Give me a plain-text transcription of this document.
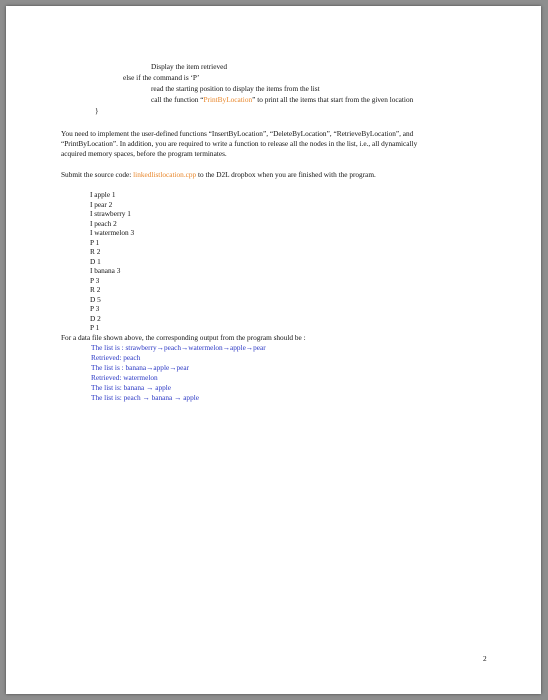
Display the item retrieved
else if the command is ‘P’
read the starting position to display the items from the list
call the function “PrintByLocation” to print all the items that start from the given location
}
You need to implement the user-defined functions “InsertByLocation”, “DeleteByLocation”, “RetrieveByLocation”, and
“PrintByLocation”. In addition, you are required to write a function to release all the nodes in the list, i.e., all dynamically
acquired memory spaces, before the program terminates.
Submit the source code: linkedlistlocation.cpp to the D2L dropbox when you are finished with the program.
I apple 1
I pear 2
I strawberry 1
I peach 2
I watermelon 3
P 1
R 2
D 1
I banana 3
P 3
R 2
D 5
P 3
D 2
P 1
For a data file shown above, the corresponding output from the program should be :
The list is : strawberry→peach→watermelon→apple→pear
Retrieved: peach
The list is : banana→apple→pear
Retrieved: watermelon
The list is: banana → apple
The list is: peach → banana → apple
2
